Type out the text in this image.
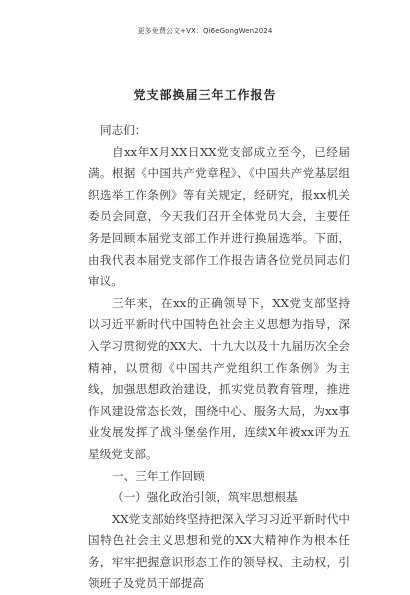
更多免费公文+VX：Qi6eGongWen2024
党支部换届三年工作报告

同志们：

自xx年X月XX日XX党支部成立至今，已经届满。根据《中国共产党章程》、《中国共产党基层组织选举工作条例》等有关规定，经研究，报xx机关委员会同意，今天我们召开全体党员大会，主要任务是回顾本届党支部工作并进行换届选举。下面，由我代表本届党支部作工作报告请各位党员同志们审议。

三年来，在xx的正确领导下，XX党支部坚持以习近平新时代中国特色社会主义思想为指导，深入学习贯彻党的XX大、十九大以及十九届历次全会精神，以贯彻《中国共产党组织工作条例》为主线，加强思想政治建设，抓实党员教育管理，推进作风建设常态长效，围绕中心、服务大局，为xx事业发展发挥了战斗堡垒作用，连续X年被xx评为五星级党支部。

一、三年工作回顾

（一）强化政治引领，筑牢思想根基

XX党支部始终坚持把深入学习习近平新时代中国特色社会主义思想和党的XX大精神作为根本任务，牢牢把握意识形态工作的领导权、主动权，引领班子及党员干部提高
